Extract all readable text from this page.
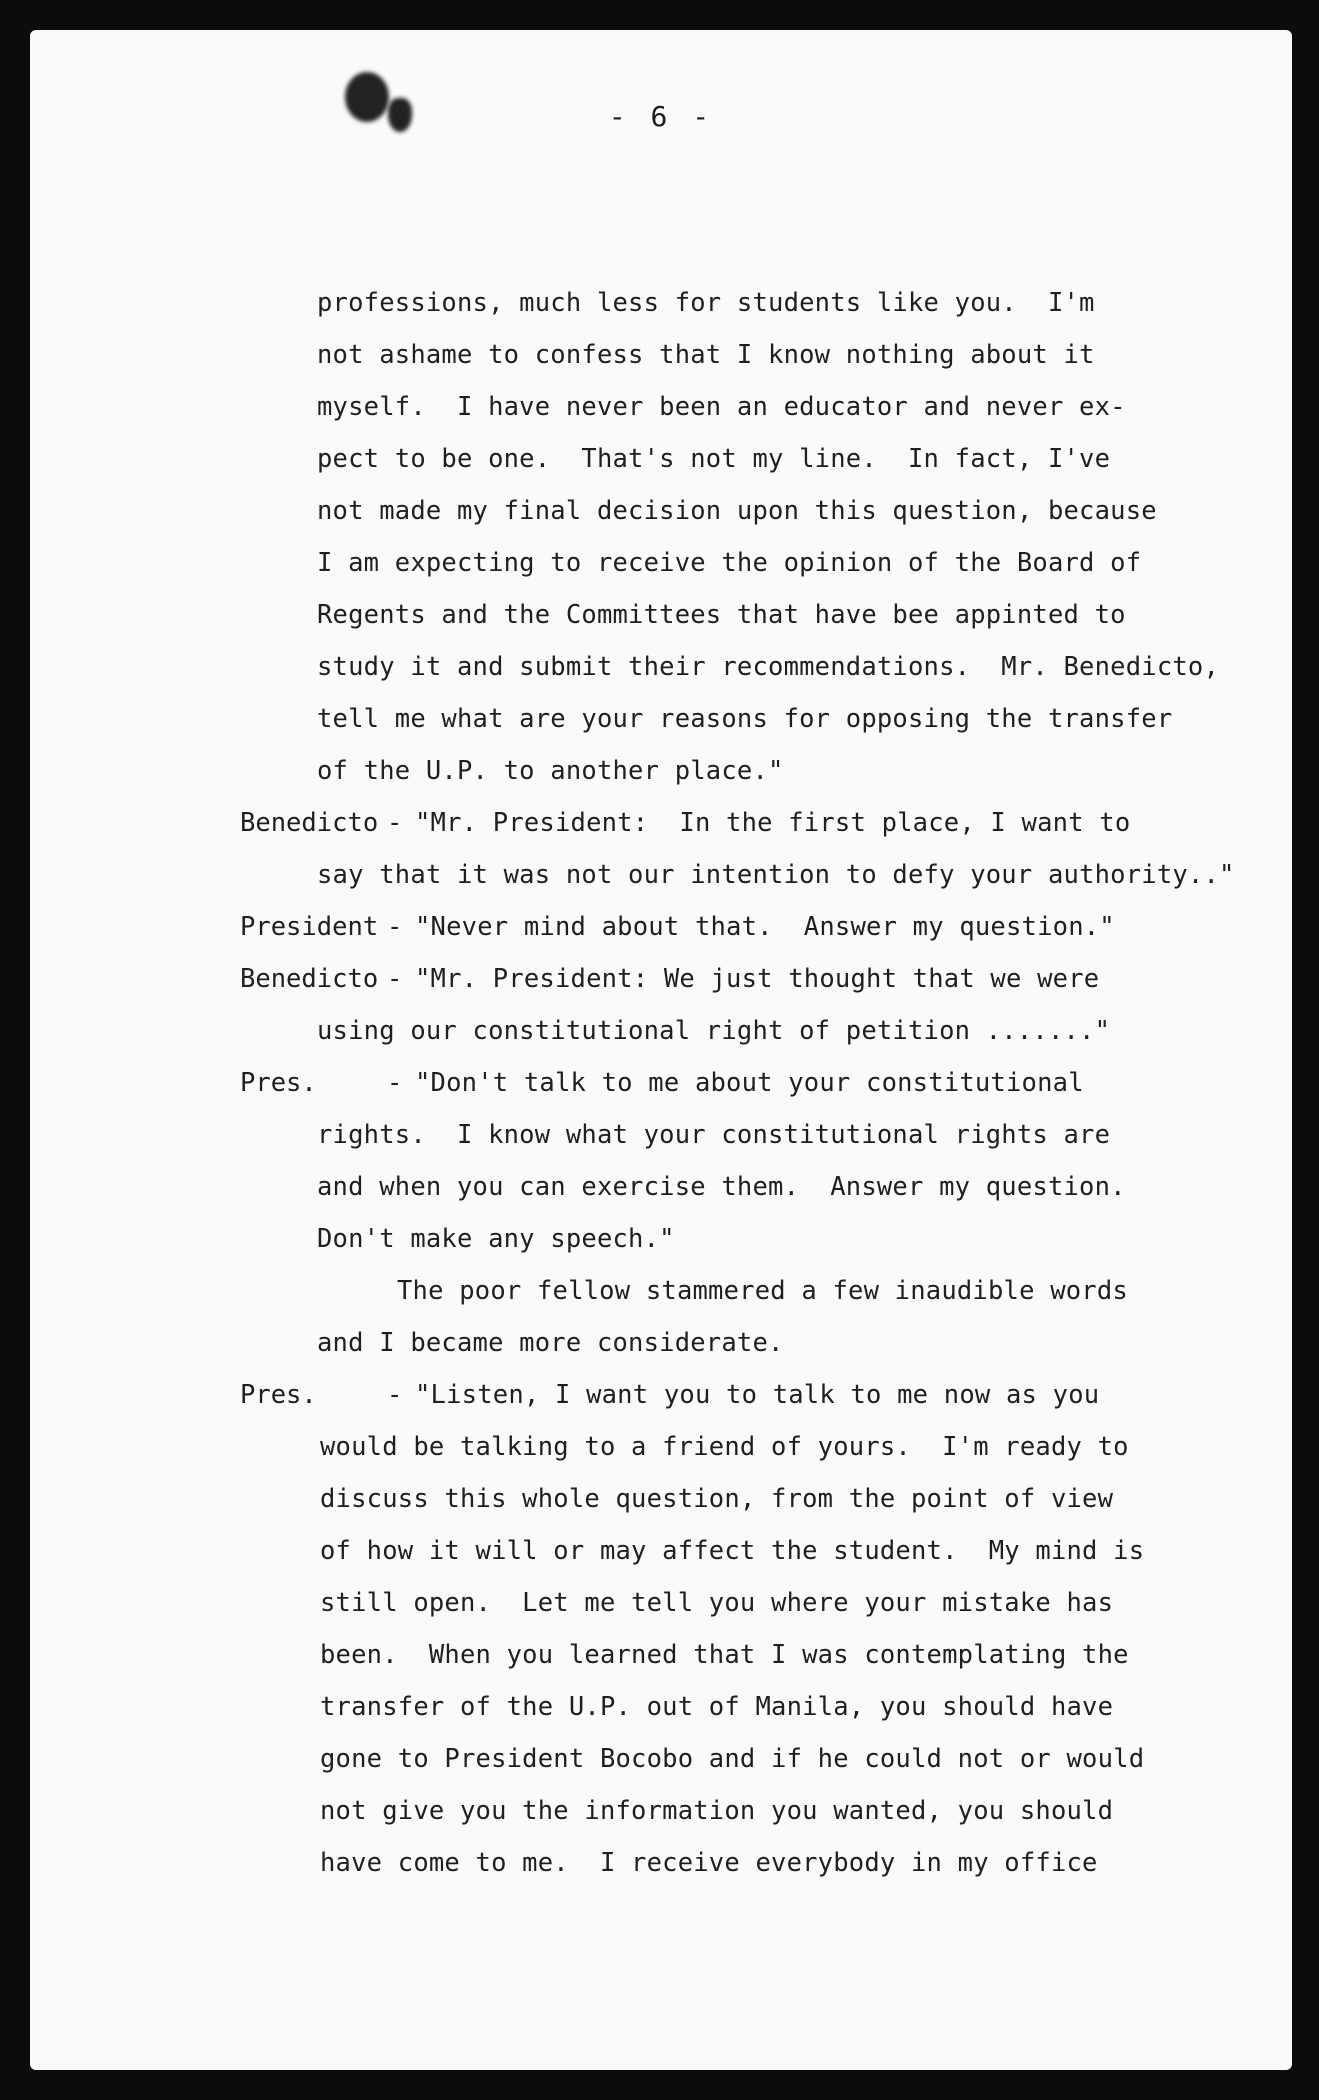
- 6 -
professions, much less for students like you.  I'm
not ashame to confess that I know nothing about it
myself.  I have never been an educator and never ex-
pect to be one.  That's not my line.  In fact, I've
not made my final decision upon this question, because
I am expecting to receive the opinion of the Board of
Regents and the Committees that have bee appinted to
study it and submit their recommendations.  Mr. Benedicto,
tell me what are your reasons for opposing the transfer
of the U.P. to another place."
Benedicto - "Mr. President:  In the first place, I want to
say that it was not our intention to defy your authority.."
President - "Never mind about that.  Answer my question."
Benedicto - "Mr. President: We just thought that we were
using our constitutional right of petition ......."
Pres.	- "Don't talk to me about your constitutional
rights.  I know what your constitutional rights are
and when you can exercise them.  Answer my question.
Don't make any speech."
The poor fellow stammered a few inaudible words
and I became more considerate.
Pres.	- "Listen, I want you to talk to me now as you
would be talking to a friend of yours.  I'm ready to
discuss this whole question, from the point of view
of how it will or may affect the student.  My mind is
still open.  Let me tell you where your mistake has
been.  When you learned that I was contemplating the
transfer of the U.P. out of Manila, you should have
gone to President Bocobo and if he could not or would
not give you the information you wanted, you should
have come to me.  I receive everybody in my office
